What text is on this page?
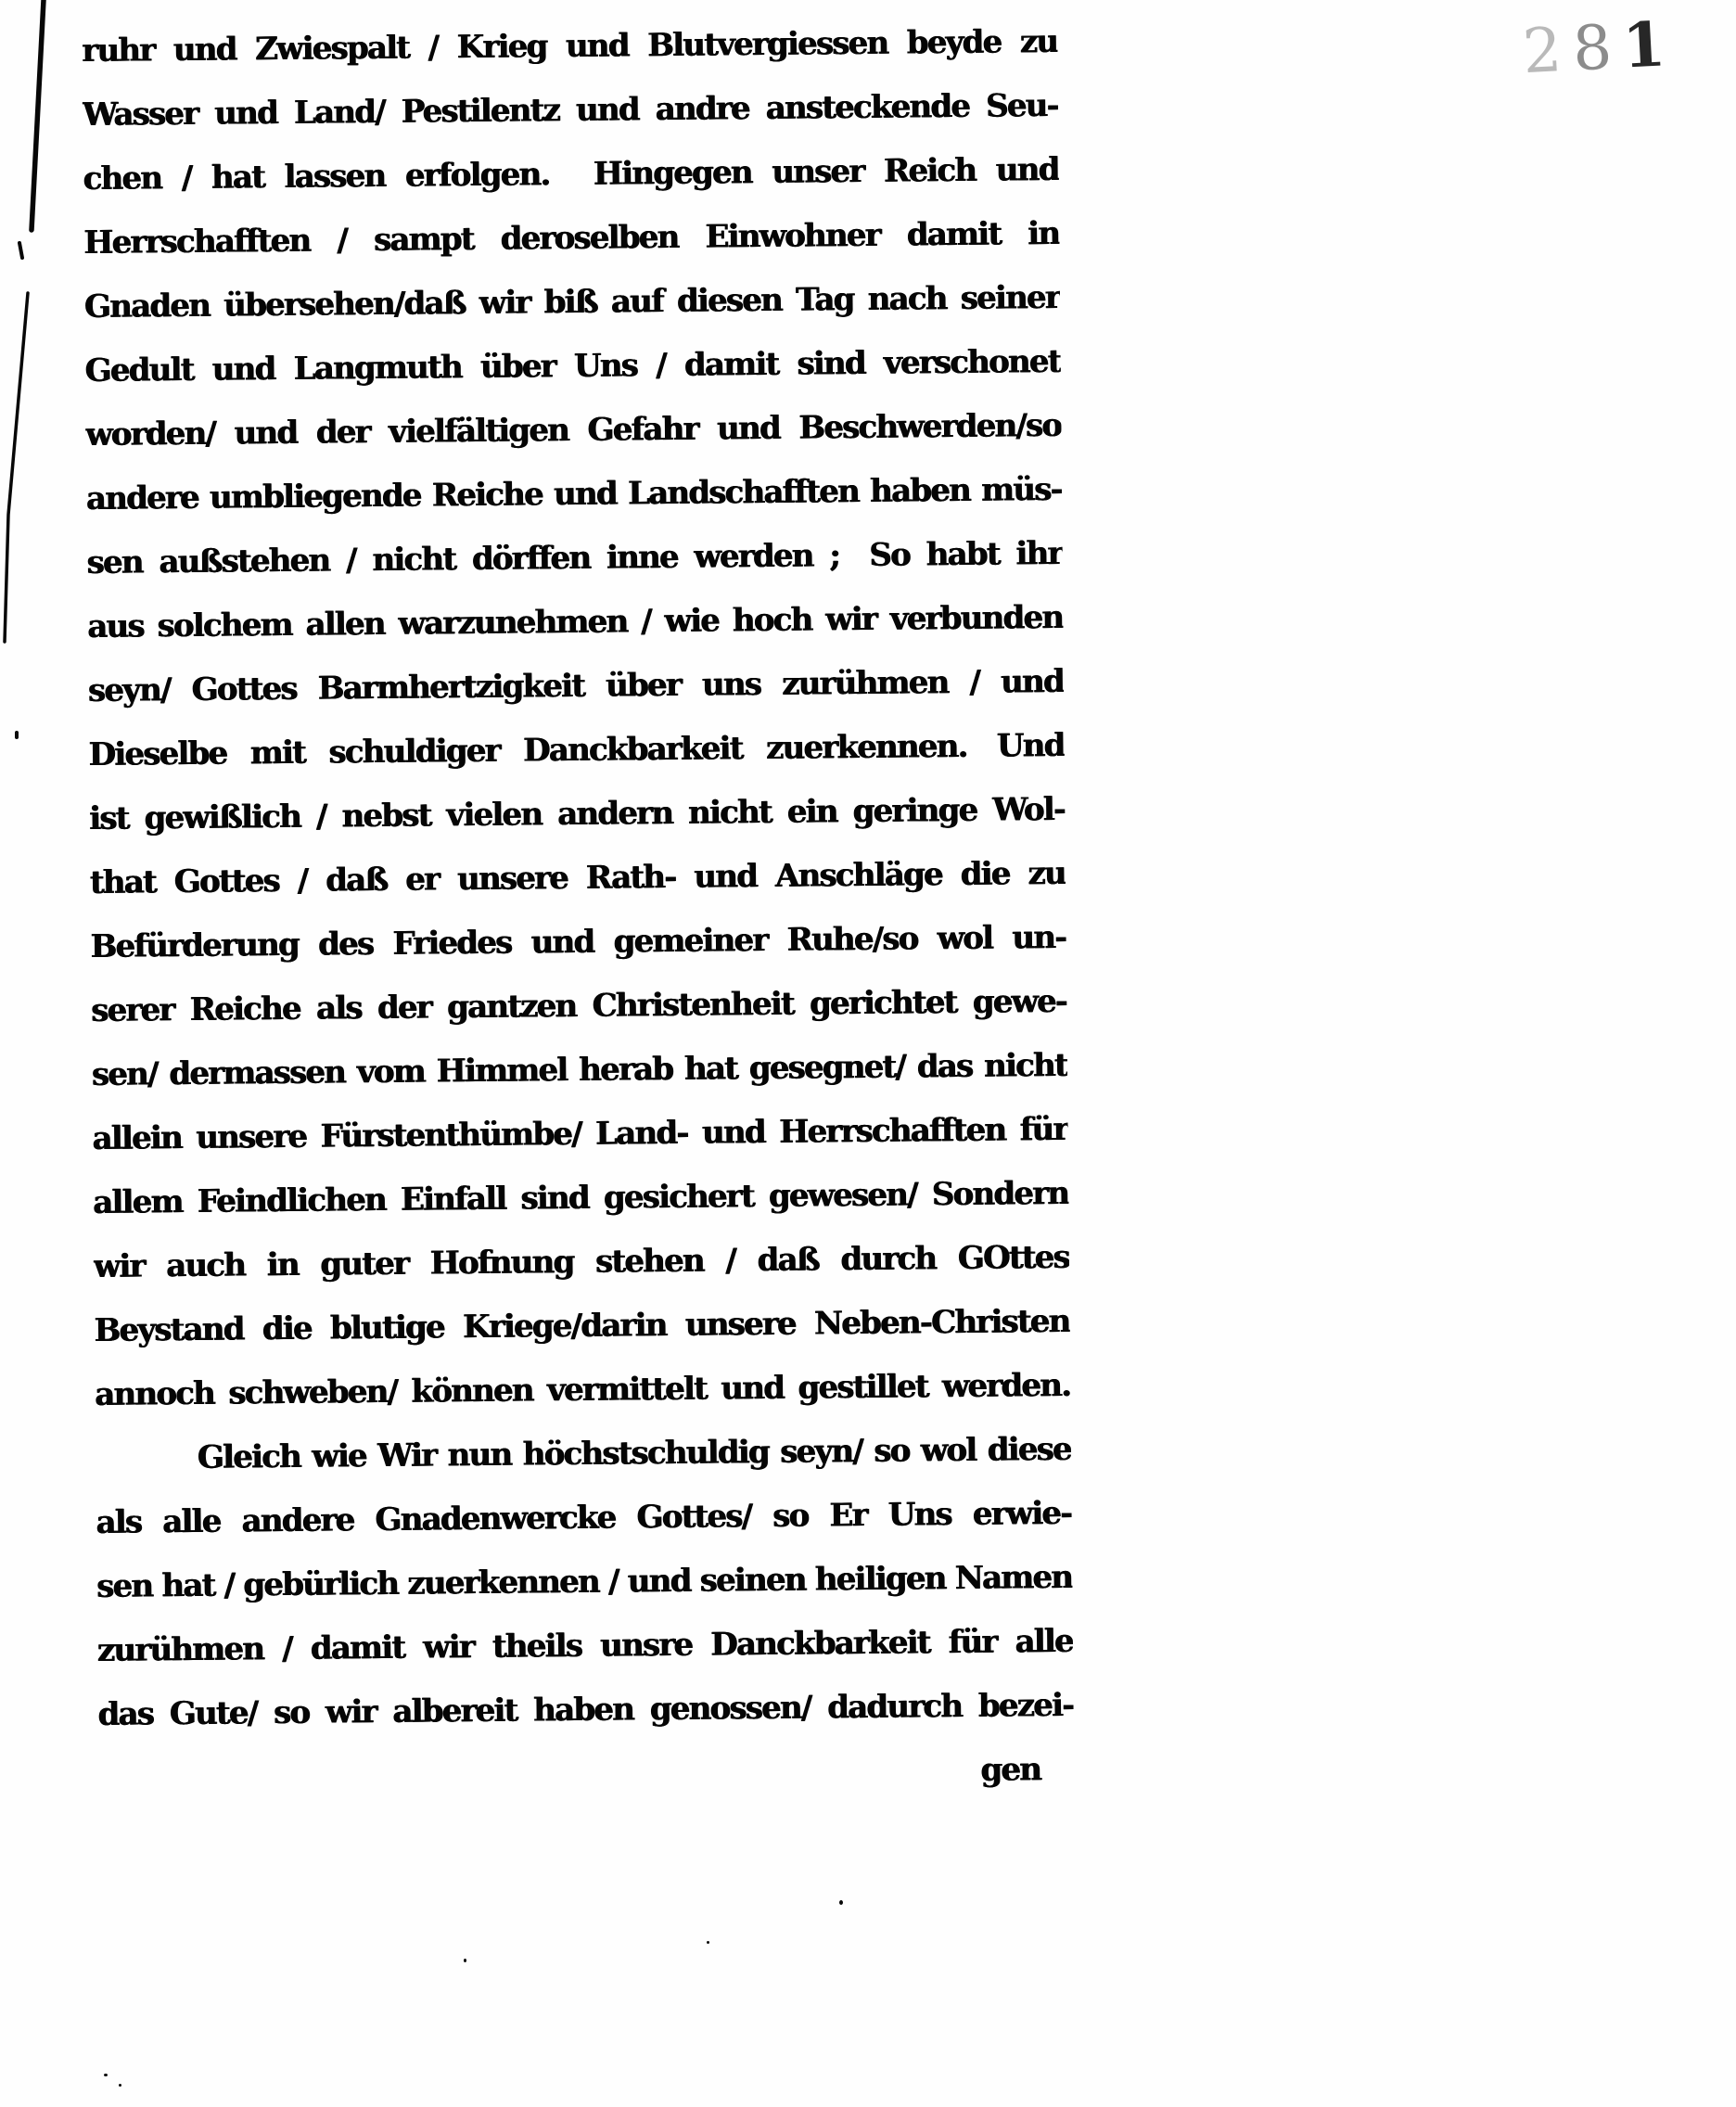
281
ruhr und Zwiespalt / Krieg und Blutvergiessen beyde zu
Wasser und Land/ Pestilentz und andre ansteckende Seu-
chen / hat lassen erfolgen.  Hingegen unser Reich und
Herrschafften / sampt deroselben Einwohner damit in
Gnaden übersehen/daß wir biß auf diesen Tag nach seiner
Gedult und Langmuth über Uns / damit sind verschonet
worden/ und der vielfältigen Gefahr und Beschwerden/so
andere umbliegende Reiche und Landschafften haben müs-
sen außstehen / nicht dörffen inne werden ; So habt ihr
aus solchem allen warzunehmen / wie hoch wir verbunden
seyn/ Gottes Barmhertzigkeit über uns zurühmen / und
Dieselbe mit schuldiger Danckbarkeit zuerkennen. Und
ist gewißlich / nebst vielen andern nicht ein geringe Wol-
that Gottes / daß er unsere Rath- und Anschläge die zu
Befürderung des Friedes und gemeiner Ruhe/so wol un-
serer Reiche als der gantzen Christenheit gerichtet gewe-
sen/ dermassen vom Himmel herab hat gesegnet/ das nicht
allein unsere Fürstenthümbe/ Land- und Herrschafften für
allem Feindlichen Einfall sind gesichert gewesen/ Sondern
wir auch in guter Hofnung stehen / daß durch GOttes
Beystand die blutige Kriege/darin unsere Neben-Christen
annoch schweben/ können vermittelt und gestillet werden.
Gleich wie Wir nun höchstschuldig seyn/ so wol diese
als alle andere Gnadenwercke Gottes/ so Er Uns erwie-
sen hat / gebürlich zuerkennen / und seinen heiligen Namen
zurühmen / damit wir theils unsre Danckbarkeit für alle
das Gute/ so wir albereit haben genossen/ dadurch bezei-
gen
